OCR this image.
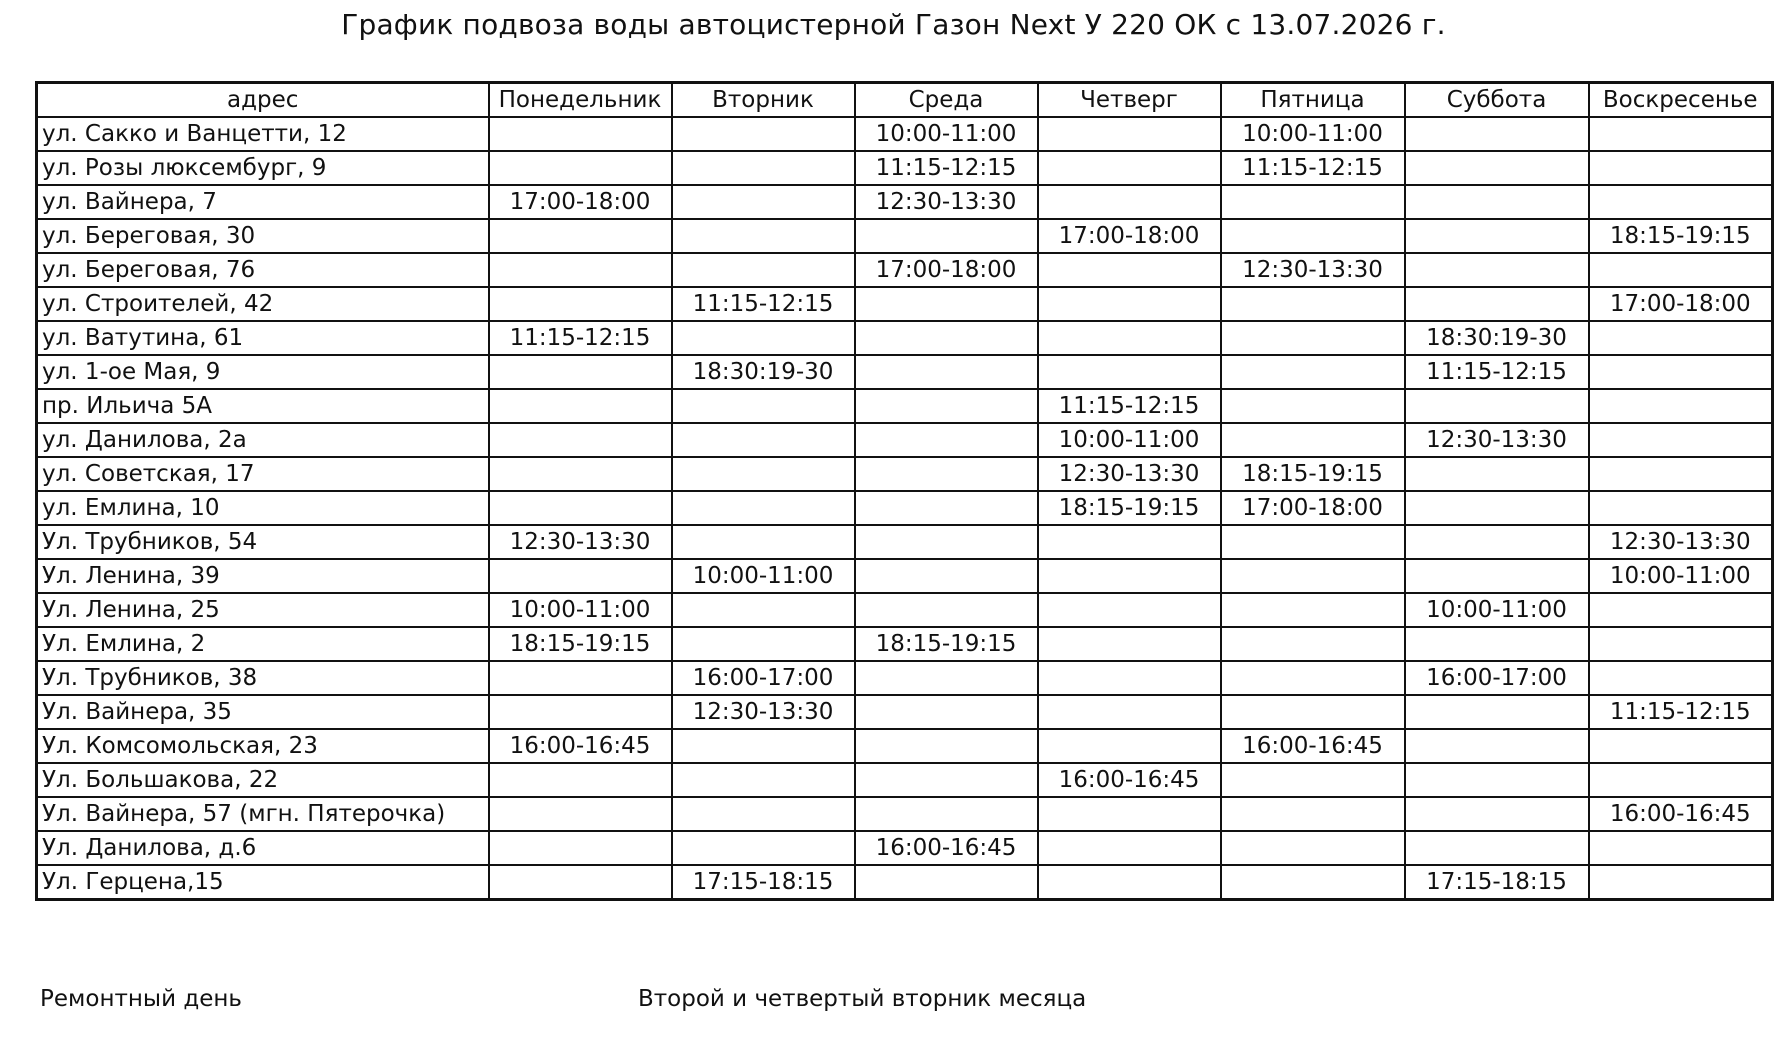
График подвоза воды автоцистерной Газон Next У 220 ОК с 13.07.2026 г.
адрес	Понедельник	Вторник	Среда	Четверг	Пятница	Суббота	Воскресенье
ул. Сакко и Ванцетти, 12			10:00-11:00		10:00-11:00		
ул. Розы люксембург, 9			11:15-12:15		11:15-12:15		
ул. Вайнера, 7	17:00-18:00		12:30-13:30				
ул. Береговая, 30				17:00-18:00			18:15-19:15
ул. Береговая, 76			17:00-18:00		12:30-13:30		
ул. Строителей, 42		11:15-12:15					17:00-18:00
ул. Ватутина, 61	11:15-12:15					18:30:19-30	
ул. 1-ое Мая, 9		18:30:19-30				11:15-12:15	
пр. Ильича 5А				11:15-12:15			
ул. Данилова, 2а				10:00-11:00		12:30-13:30	
ул. Советская, 17				12:30-13:30	18:15-19:15		
ул. Емлина, 10				18:15-19:15	17:00-18:00		
Ул. Трубников, 54	12:30-13:30						12:30-13:30
Ул. Ленина, 39		10:00-11:00					10:00-11:00
Ул. Ленина, 25	10:00-11:00					10:00-11:00	
Ул. Емлина, 2	18:15-19:15		18:15-19:15				
Ул. Трубников, 38		16:00-17:00				16:00-17:00	
Ул. Вайнера, 35		12:30-13:30					11:15-12:15
Ул. Комсомольская, 23	16:00-16:45				16:00-16:45		
Ул. Большакова, 22				16:00-16:45			
Ул. Вайнера, 57 (мгн. Пятерочка)							16:00-16:45
Ул. Данилова, д.6			16:00-16:45				
Ул. Герцена,15		17:15-18:15				17:15-18:15	
Ремонтный день	Второй и четвертый вторник месяца
